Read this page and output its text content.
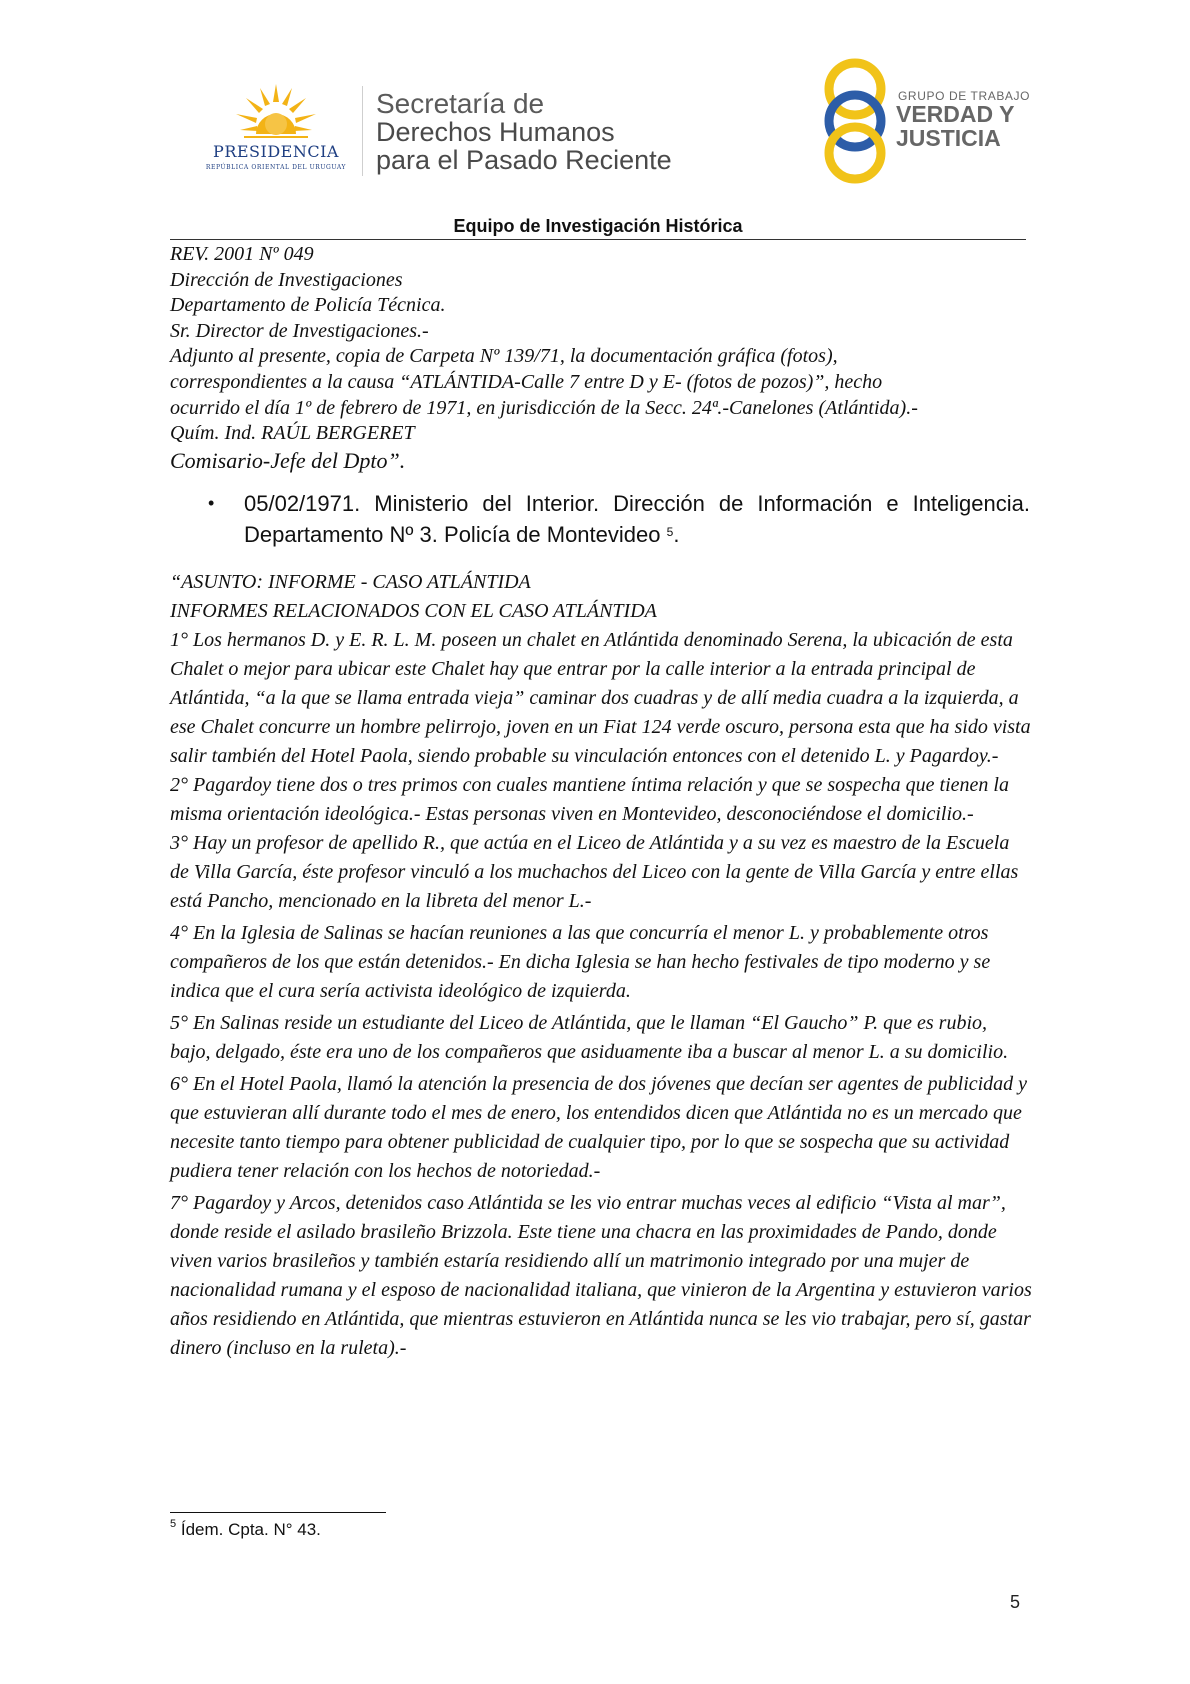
PRESIDENCIA
REPÚBLICA ORIENTAL DEL URUGUAY
Secretaría de
Derechos Humanos
para el Pasado Reciente
GRUPO DE TRABAJO
VERDAD Y
JUSTICIA
Equipo de Investigación Histórica
REV. 2001 Nº 049
Dirección de Investigaciones
Departamento de Policía Técnica.
Sr. Director de Investigaciones.-
Adjunto al presente, copia de Carpeta Nº 139/71, la documentación gráfica (fotos),
correspondientes a la causa “ATLÁNTIDA-Calle 7 entre D y E- (fotos de pozos)”, hecho
ocurrido el día 1º de febrero de 1971, en jurisdicción de la Secc. 24ª.-Canelones (Atlántida).-
Quím. Ind. RAÚL BERGERET
Comisario-Jefe del Dpto”.
• 05/02/1971. Ministerio del Interior. Dirección de Información e Inteligencia. Departamento Nº 3. Policía de Montevideo $^5$.

“ASUNTO: INFORME - CASO ATLÁNTIDA

INFORMES RELACIONADOS CON EL CASO ATLÁNTIDA

1° Los hermanos D. y E. R. L. M. poseen un chalet en Atlántida denominado Serena, la ubicación de esta Chalet o mejor para ubicar este Chalet hay que entrar por la calle interior a la entrada principal de Atlántida, “a la que se llama entrada vieja” caminar dos cuadras y de allí media cuadra a la izquierda, a ese Chalet concurre un hombre pelirrojo, joven en un Fiat 124 verde oscuro, persona esta que ha sido vista salir también del Hotel Paola, siendo probable su vinculación entonces con el detenido L. y Pagardoy.-

2° Pagardoy tiene dos o tres primos con cuales mantiene íntima relación y que se sospecha que tienen la misma orientación ideológica.- Estas personas viven en Montevideo, desconociéndose el domicilio.-

3° Hay un profesor de apellido R., que actúa en el Liceo de Atlántida y a su vez es maestro de la Escuela de Villa García, éste profesor vinculó a los muchachos del Liceo con la gente de Villa García y entre ellas está Pancho, mencionado en la libreta del menor L.-

4° En la Iglesia de Salinas se hacían reuniones a las que concurría el menor L. y probablemente otros compañeros de los que están detenidos.- En dicha Iglesia se han hecho festivales de tipo moderno y se indica que el cura sería activista ideológico de izquierda.

5° En Salinas reside un estudiante del Liceo de Atlántida, que le llaman “El Gaucho” P. que es rubio, bajo, delgado, éste era uno de los compañeros que asiduamente iba a buscar al menor L. a su domicilio.

6° En el Hotel Paola, llamó la atención la presencia de dos jóvenes que decían ser agentes de publicidad y que estuvieran allí durante todo el mes de enero, los entendidos dicen que Atlántida no es un mercado que necesite tanto tiempo para obtener publicidad de cualquier tipo, por lo que se sospecha que su actividad pudiera tener relación con los hechos de notoriedad.-

7° Pagardoy y Arcos, detenidos caso Atlántida se les vio entrar muchas veces al edificio “Vista al mar”, donde reside el asilado brasileño Brizzola. Este tiene una chacra en las proximidades de Pando, donde viven varios brasileños y también estaría residiendo allí un matrimonio integrado por una mujer de nacionalidad rumana y el esposo de nacionalidad italiana, que vinieron de la Argentina y estuvieron varios años residiendo en Atlántida, que mientras estuvieron en Atlántida nunca se les vio trabajar, pero sí, gastar dinero (incluso en la ruleta).-

$^5$ Ídem. Cpta. N° 43.
5
